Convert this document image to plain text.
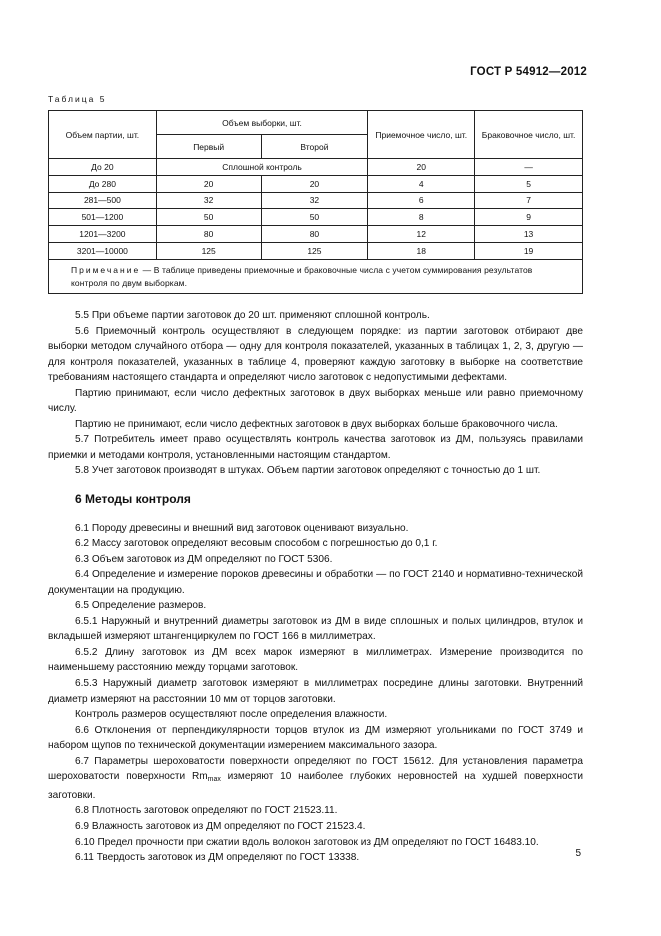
ГОСТ Р 54912—2012
Таблица 5
Объем партии, шт.	Объем выборки, шт.		Приемочное число, шт.	Браковочное число, шт.
	Первый	Второй		
До 20	Сплошной контроль		20	—
До 280	20	20	4	5
281—500	32	32	6	7
501—1200	50	50	8	9
1201—3200	80	80	12	13
3201—10000	125	125	18	19
Примечание — В таблице приведены приемочные и браковочные числа с учетом суммирования результатов контроля по двум выборкам.				

5.5 При объеме партии заготовок до 20 шт. применяют сплошной контроль.

5.6 Приемочный контроль осуществляют в следующем порядке: из партии заготовок отбирают две выборки методом случайного отбора — одну для контроля показателей, указанных в таблицах 1, 2, 3, другую — для контроля показателей, указанных в таблице 4, проверяют каждую заготовку в выборке на соответствие требованиям настоящего стандарта и определяют число заготовок с недопустимыми дефектами.

Партию принимают, если число дефектных заготовок в двух выборках меньше или равно приемочному числу.

Партию не принимают, если число дефектных заготовок в двух выборках больше браковочного числа.

5.7 Потребитель имеет право осуществлять контроль качества заготовок из ДМ, пользуясь правилами приемки и методами контроля, установленными настоящим стандартом.

5.8 Учет заготовок производят в штуках. Объем партии заготовок определяют с точностью до 1 шт.

6 Методы контроля

6.1 Породу древесины и внешний вид заготовок оценивают визуально.

6.2 Массу заготовок определяют весовым способом с погрешностью до 0,1 г.

6.3 Объем заготовок из ДМ определяют по ГОСТ 5306.

6.4 Определение и измерение пороков древесины и обработки — по ГОСТ 2140 и нормативно-технической документации на продукцию.

6.5 Определение размеров.

6.5.1 Наружный и внутренний диаметры заготовок из ДМ в виде сплошных и полых цилиндров, втулок и вкладышей измеряют штангенциркулем по ГОСТ 166 в миллиметрах.

6.5.2 Длину заготовок из ДМ всех марок измеряют в миллиметрах. Измерение производится по наименьшему расстоянию между торцами заготовок.

6.5.3 Наружный диаметр заготовок измеряют в миллиметрах посредине длины заготовки. Внутренний диаметр измеряют на расстоянии 10 мм от торцов заготовки.

Контроль размеров осуществляют после определения влажности.

6.6 Отклонения от перпендикулярности торцов втулок из ДМ измеряют угольниками по ГОСТ 3749 и набором щупов по технической документации измерением максимального зазора.

6.7 Параметры шероховатости поверхности определяют по ГОСТ 15612. Для установления параметра шероховатости поверхности $Rm_{max}$ измеряют 10 наиболее глубоких неровностей на худшей поверхности заготовки.

6.8 Плотность заготовок определяют по ГОСТ 21523.11.

6.9 Влажность заготовок из ДМ определяют по ГОСТ 21523.4.

6.10 Предел прочности при сжатии вдоль волокон заготовок из ДМ определяют по ГОСТ 16483.10.

6.11 Твердость заготовок из ДМ определяют по ГОСТ 13338.	5
